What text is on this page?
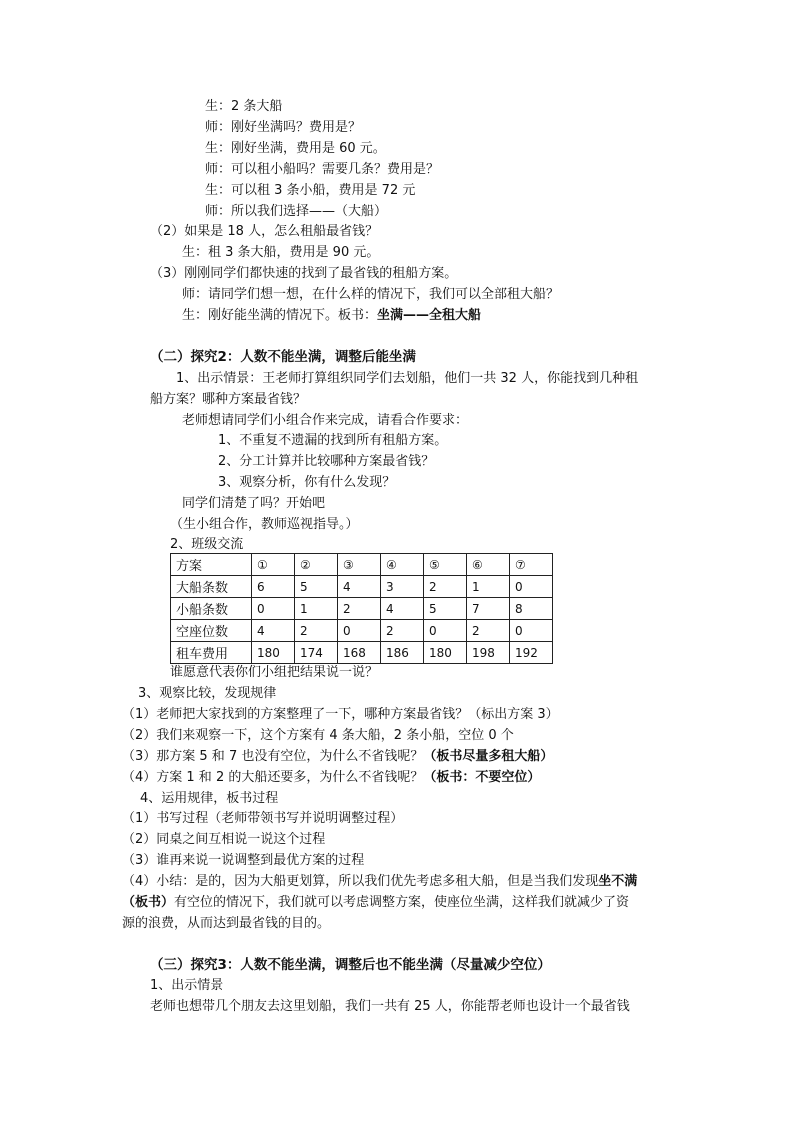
生：2 条大船
师：刚好坐满吗？费用是？
生：刚好坐满，费用是 60 元。
师：可以租小船吗？需要几条？费用是？
生：可以租 3 条小船，费用是 72 元
师：所以我们选择——（大船）
（2）如果是 18 人，怎么租船最省钱？
生：租 3 条大船，费用是 90 元。
（3）刚刚同学们都快速的找到了最省钱的租船方案。
师：请同学们想一想，在什么样的情况下，我们可以全部租大船？
生：刚好能坐满的情况下。板书：坐满——全租大船
（二）探究2：人数不能坐满，调整后能坐满
1、出示情景：王老师打算组织同学们去划船，他们一共 32 人，你能找到几种租
船方案？哪种方案最省钱？
老师想请同学们小组合作来完成，请看合作要求：
1、不重复不遗漏的找到所有租船方案。
2、分工计算并比较哪种方案最省钱？
3、观察分析，你有什么发现？
同学们清楚了吗？开始吧
（生小组合作，教师巡视指导。）
2、班级交流
方案	①	②	③	④	⑤	⑥	⑦
大船条数	6	5	4	3	2	1	0
小船条数	0	1	2	4	5	7	8
空座位数	4	2	0	2	0	2	0
租车费用	180	174	168	186	180	198	192
谁愿意代表你们小组把结果说一说？
3、观察比较，发现规律
（1）老师把大家找到的方案整理了一下，哪种方案最省钱？（标出方案 3）
（2）我们来观察一下，这个方案有 4 条大船，2 条小船，空位 0 个
（3）那方案 5 和 7 也没有空位，为什么不省钱呢？（板书尽量多租大船）
（4）方案 1 和 2 的大船还要多，为什么不省钱呢？（板书：不要空位）
4、运用规律，板书过程
（1）书写过程（老师带领书写并说明调整过程）
（2）同桌之间互相说一说这个过程
（3）谁再来说一说调整到最优方案的过程
（4）小结：是的，因为大船更划算，所以我们优先考虑多租大船，但是当我们发现坐不满
（板书）有空位的情况下，我们就可以考虑调整方案，使座位坐满，这样我们就减少了资
源的浪费，从而达到最省钱的目的。
（三）探究3：人数不能坐满，调整后也不能坐满（尽量减少空位）
1、出示情景
老师也想带几个朋友去这里划船，我们一共有 25 人，你能帮老师也设计一个最省钱
